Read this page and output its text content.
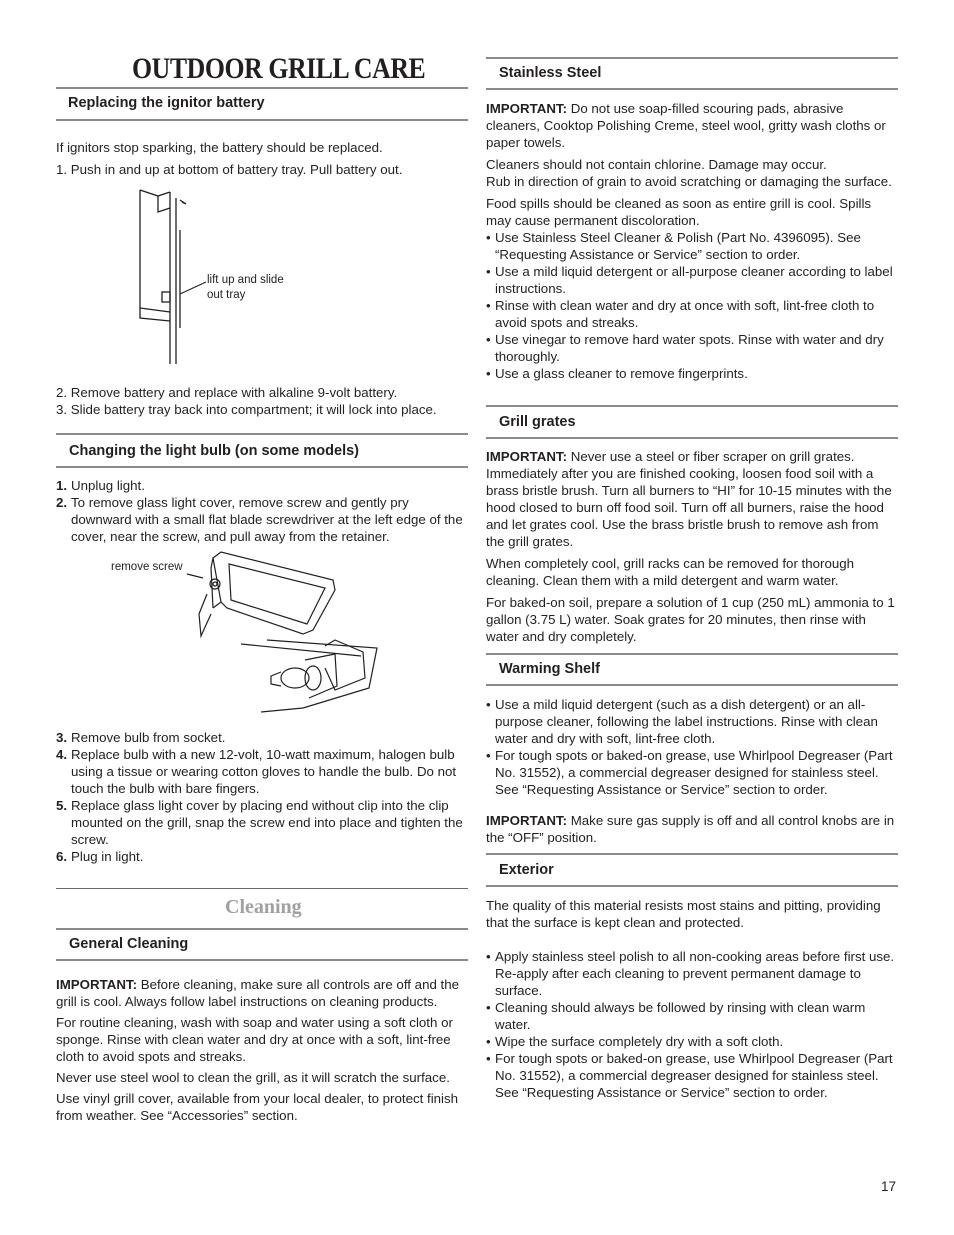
OUTDOOR GRILL CARE
Replacing the ignitor battery
If ignitors stop sparking, the battery should be replaced.
1. Push in and up at bottom of battery tray. Pull battery out.
lift up and slide
out tray
2. Remove battery and replace with alkaline 9-volt battery.
3. Slide battery tray back into compartment; it will lock into place.
Changing the light bulb (on some models)
1. Unplug light.
2. To remove glass light cover, remove screw and gently pry downward with a small flat blade screwdriver at the left edge of the cover, near the screw, and pull away from the retainer.
remove screw
3. Remove bulb from socket.
4. Replace bulb with a new 12-volt, 10-watt maximum, halogen bulb using a tissue or wearing cotton gloves to handle the bulb. Do not touch the bulb with bare fingers.
5. Replace glass light cover by placing end without clip into the clip mounted on the grill, snap the screw end into place and tighten the screw.
6. Plug in light.
Cleaning
General Cleaning

IMPORTANT: Before cleaning, make sure all controls are off and the grill is cool. Always follow label instructions on cleaning products.

For routine cleaning, wash with soap and water using a soft cloth or sponge. Rinse with clean water and dry at once with a soft, lint-free cloth to avoid spots and streaks.

Never use steel wool to clean the grill, as it will scratch the surface.

Use vinyl grill cover, available from your local dealer, to protect finish from weather. See “Accessories” section.

Stainless Steel

IMPORTANT: Do not use soap-filled scouring pads, abrasive cleaners, Cooktop Polishing Creme, steel wool, gritty wash cloths or paper towels.

Cleaners should not contain chlorine. Damage may occur.

Rub in direction of grain to avoid scratching or damaging the surface.

Food spills should be cleaned as soon as entire grill is cool. Spills may cause permanent discoloration.

• Use Stainless Steel Cleaner & Polish (Part No. 4396095). See “Requesting Assistance or Service” section to order.
• Use a mild liquid detergent or all-purpose cleaner according to label instructions.
• Rinse with clean water and dry at once with soft, lint-free cloth to avoid spots and streaks.
• Use vinegar to remove hard water spots. Rinse with water and dry thoroughly.
• Use a glass cleaner to remove fingerprints.
Grill grates

IMPORTANT: Never use a steel or fiber scraper on grill grates. Immediately after you are finished cooking, loosen food soil with a brass bristle brush. Turn all burners to “HI” for 10-15 minutes with the hood closed to burn off food soil. Turn off all burners, raise the hood and let grates cool. Use the brass bristle brush to remove ash from the grill grates.

When completely cool, grill racks can be removed for thorough cleaning. Clean them with a mild detergent and warm water.

For baked-on soil, prepare a solution of 1 cup (250 mL) ammonia to 1 gallon (3.75 L) water. Soak grates for 20 minutes, then rinse with water and dry completely.

Warming Shelf
• Use a mild liquid detergent (such as a dish detergent) or an all-purpose cleaner, following the label instructions. Rinse with clean water and dry with soft, lint-free cloth.
• For tough spots or baked-on grease, use Whirlpool Degreaser (Part No. 31552), a commercial degreaser designed for stainless steel. See “Requesting Assistance or Service” section to order.

IMPORTANT: Make sure gas supply is off and all control knobs are in the “OFF” position.

Exterior

The quality of this material resists most stains and pitting, providing that the surface is kept clean and protected.

• Apply stainless steel polish to all non-cooking areas before first use. Re-apply after each cleaning to prevent permanent damage to surface.
• Cleaning should always be followed by rinsing with clean warm water.
• Wipe the surface completely dry with a soft cloth.
• For tough spots or baked-on grease, use Whirlpool Degreaser (Part No. 31552), a commercial degreaser designed for stainless steel. See “Requesting Assistance or Service” section to order.
17
